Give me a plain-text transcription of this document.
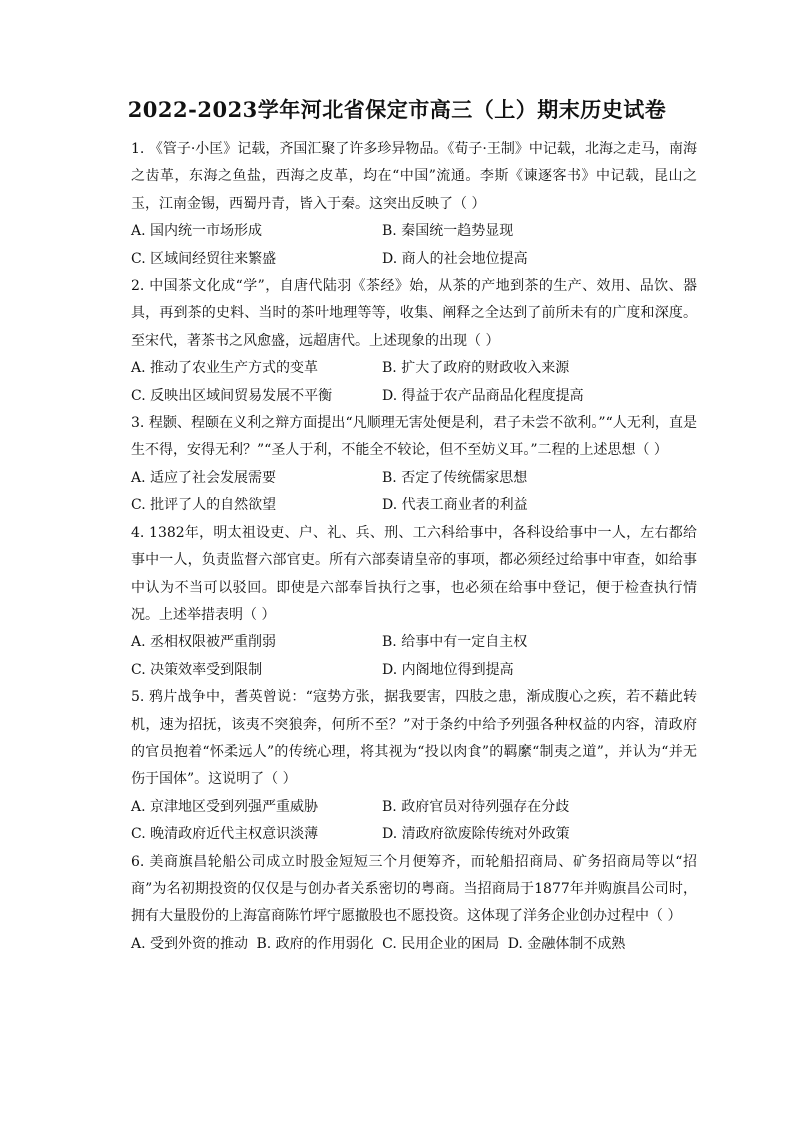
2022-2023学年河北省保定市高三（上）期末历史试卷
1. 《管子·小匡》记载，齐国汇聚了许多珍异物品。《荀子·王制》中记载，北海之走马，南海之齿革，东海之鱼盐，西海之皮革，均在“中国”流通。李斯《谏逐客书》中记载，昆山之玉，江南金锡，西蜀丹青，皆入于秦。这突出反映了（ ）
A. 国内统一市场形成	B. 秦国统一趋势显现
C. 区域间经贸往来繁盛	D. 商人的社会地位提高
2. 中国茶文化成“学”，自唐代陆羽《茶经》始，从茶的产地到茶的生产、效用、品饮、器具，再到茶的史料、当时的茶叶地理等等，收集、阐释之全达到了前所未有的广度和深度。至宋代，著茶书之风愈盛，远超唐代。上述现象的出现（ ）
A. 推动了农业生产方式的变革	B. 扩大了政府的财政收入来源
C. 反映出区域间贸易发展不平衡	D. 得益于农产品商品化程度提高
3. 程颢、程颐在义利之辩方面提出“凡顺理无害处便是利，君子未尝不欲利。”“人无利，直是生不得，安得无利？”“圣人于利，不能全不较论，但不至妨义耳。”二程的上述思想（ ）
A. 适应了社会发展需要	B. 否定了传统儒家思想
C. 批评了人的自然欲望	D. 代表工商业者的利益
4. 1382年，明太祖设吏、户、礼、兵、刑、工六科给事中，各科设给事中一人，左右都给事中一人，负责监督六部官吏。所有六部奏请皇帝的事项，都必须经过给事中审查，如给事中认为不当可以驳回。即使是六部奉旨执行之事，也必须在给事中登记，便于检查执行情况。上述举措表明（ ）
A. 丞相权限被严重削弱	B. 给事中有一定自主权
C. 决策效率受到限制	D. 内阁地位得到提高
5. 鸦片战争中，耆英曾说：“寇势方张，据我要害，四肢之患，渐成腹心之疾，若不藉此转机，速为招抚，该夷不突狼奔，何所不至？”对于条约中给予列强各种权益的内容，清政府的官员抱着“怀柔远人”的传统心理，将其视为“投以肉食”的羁縻“制夷之道”，并认为“并无伤于国体”。这说明了（ ）
A. 京津地区受到列强严重威胁	B. 政府官员对待列强存在分歧
C. 晚清政府近代主权意识淡薄	D. 清政府欲废除传统对外政策
6. 美商旗昌轮船公司成立时股金短短三个月便筹齐，而轮船招商局、矿务招商局等以“招商”为名初期投资的仅仅是与创办者关系密切的粤商。当招商局于1877年并购旗昌公司时，拥有大量股份的上海富商陈竹坪宁愿撤股也不愿投资。这体现了洋务企业创办过程中（ ）
A. 受到外资的推动 B. 政府的作用弱化 C. 民用企业的困局 D. 金融体制不成熟
